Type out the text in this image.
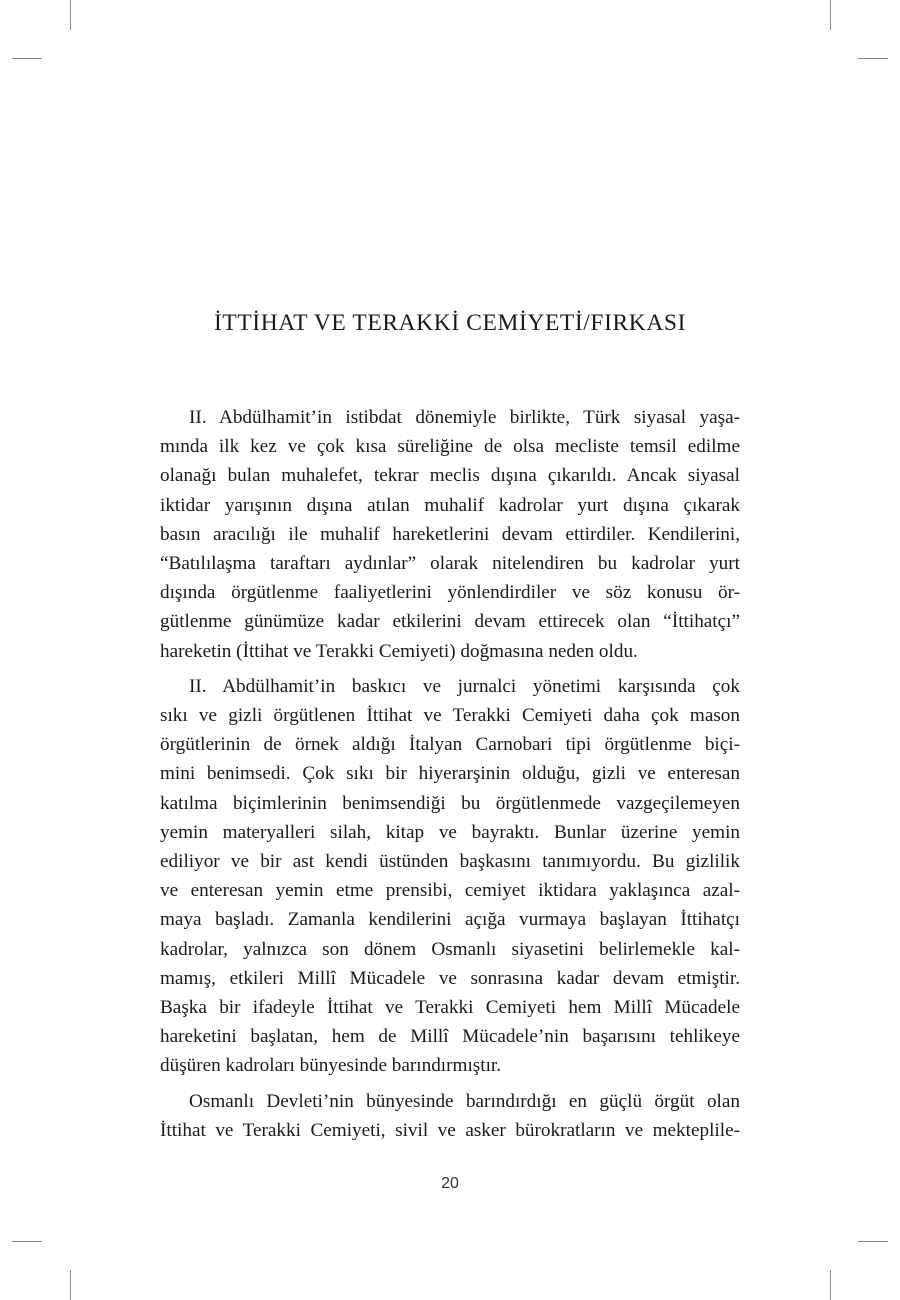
İTTİHAT VE TERAKKİ CEMİYETİ/FIRKASI
II. Abdülhamit’in istibdat dönemiyle birlikte, Türk siyasal yaşa-
mında ilk kez ve çok kısa süreliğine de olsa mecliste temsil edilme
olanağı bulan muhalefet, tekrar meclis dışına çıkarıldı. Ancak siyasal
iktidar yarışının dışına atılan muhalif kadrolar yurt dışına çıkarak
basın aracılığı ile muhalif hareketlerini devam ettirdiler. Kendilerini,
“Batılılaşma taraftarı aydınlar” olarak nitelendiren bu kadrolar yurt
dışında örgütlenme faaliyetlerini yönlendirdiler ve söz konusu ör-
gütlenme günümüze kadar etkilerini devam ettirecek olan “İttihatçı”
hareketin (İttihat ve Terakki Cemiyeti) doğmasına neden oldu.
II. Abdülhamit’in baskıcı ve jurnalci yönetimi karşısında çok
sıkı ve gizli örgütlenen İttihat ve Terakki Cemiyeti daha çok mason
örgütlerinin de örnek aldığı İtalyan Carnobari tipi örgütlenme biçi-
mini benimsedi. Çok sıkı bir hiyerarşinin olduğu, gizli ve enteresan
katılma biçimlerinin benimsendiği bu örgütlenmede vazgeçilemeyen
yemin materyalleri silah, kitap ve bayraktı. Bunlar üzerine yemin
ediliyor ve bir ast kendi üstünden başkasını tanımıyordu. Bu gizlilik
ve enteresan yemin etme prensibi, cemiyet iktidara yaklaşınca azal-
maya başladı. Zamanla kendilerini açığa vurmaya başlayan İttihatçı
kadrolar, yalnızca son dönem Osmanlı siyasetini belirlemekle kal-
mamış, etkileri Millî Mücadele ve sonrasına kadar devam etmiştir.
Başka bir ifadeyle İttihat ve Terakki Cemiyeti hem Millî Mücadele
hareketini başlatan, hem de Millî Mücadele’nin başarısını tehlikeye
düşüren kadroları bünyesinde barındırmıştır.
Osmanlı Devleti’nin bünyesinde barındırdığı en güçlü örgüt olan
İttihat ve Terakki Cemiyeti, sivil ve asker bürokratların ve mekteplile-
20
